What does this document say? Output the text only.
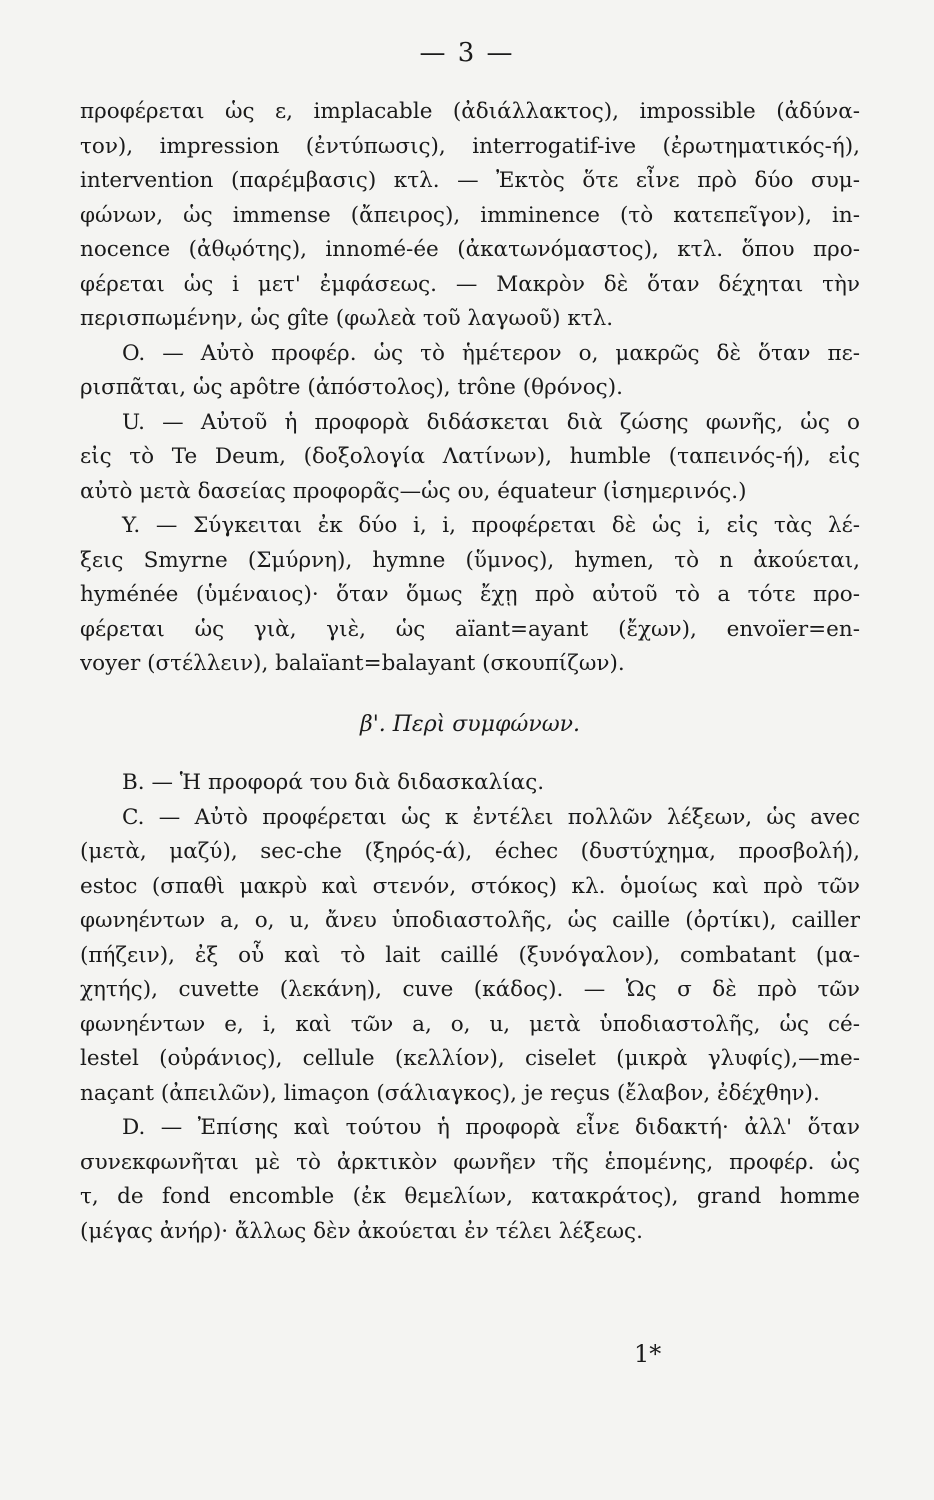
— 3 —
προφέρεται ὡς ε, implacable (ἀδιάλλακτος), impossible (ἀδύνα-
τον), impression (ἐντύπωσις), interrogatif-ive (ἐρωτηματικός-ή),
intervention (παρέμβασις) κτλ. — Ἐκτὸς ὅτε εἶνε πρὸ δύο συμ-
φώνων, ὡς immense (ἄπειρος), imminence (τὸ κατεπεῖγον), in-
nocence (ἀθῳότης), innomé-ée (ἀκατωνόμαστος), κτλ. ὅπου προ-
φέρεται ὡς i μετ' ἐμφάσεως. — Μακρὸν δὲ ὅταν δέχηται τὴν
περισπωμένην, ὡς gîte (φωλεὰ τοῦ λαγωοῦ) κτλ.
O. — Αὐτὸ προφέρ. ὡς τὸ ἡμέτερον ο, μακρῶς δὲ ὅταν πε-
ρισπᾶται, ὡς apôtre (ἀπόστολος), trône (θρόνος).
U. — Αὐτοῦ ἡ προφορὰ διδάσκεται διὰ ζώσης φωνῆς, ὡς ο
εἰς τὸ Te Deum, (δοξολογία Λατίνων), humble (ταπεινός-ή), εἰς
αὐτὸ μετὰ δασείας προφορᾶς—ὡς ου, équateur (ἰσημερινός.)
Y. — Σύγκειται ἐκ δύο i, i, προφέρεται δὲ ὡς i, εἰς τὰς λέ-
ξεις Smyrne (Σμύρνη), hymne (ὕμνος), hymen, τὸ n ἀκούεται,
hyménée (ὑμέναιος)· ὅταν ὅμως ἔχῃ πρὸ αὐτοῦ τὸ a τότε προ-
φέρεται ὡς γιὰ, γιὲ, ὡς aïant=ayant (ἔχων), envoïer=en-
voyer (στέλλειν), balaïant=balayant (σκουπίζων).
β'. Περὶ συμφώνων.
B. — Ἡ προφορά του διὰ διδασκαλίας.
C. — Αὐτὸ προφέρεται ὡς κ ἐντέλει πολλῶν λέξεων, ὡς avec
(μετὰ, μαζύ), sec-che (ξηρός-ά), échec (δυστύχημα, προσβολή),
estoc (σπαθὶ μακρὺ καὶ στενόν, στόκος) κλ. ὁμοίως καὶ πρὸ τῶν
φωνηέντων a, o, u, ἄνευ ὑποδιαστολῆς, ὡς caille (ὀρτίκι), cailler
(πήζειν), ἐξ οὗ καὶ τὸ lait caillé (ξυνόγαλον), combatant (μα-
χητής), cuvette (λεκάνη), cuve (κάδος). — Ὡς σ δὲ πρὸ τῶν
φωνηέντων e, i, καὶ τῶν a, o, u, μετὰ ὑποδιαστολῆς, ὡς cé-
lestel (οὐράνιος), cellule (κελλίον), ciselet (μικρὰ γλυφίς),—me-
naçant (ἀπειλῶν), limaçon (σάλιαγκος), je reçus (ἔλαβον, ἐδέχθην).
D. — Ἐπίσης καὶ τούτου ἡ προφορὰ εἶνε διδακτή· ἀλλ' ὅταν
συνεκφωνῆται μὲ τὸ ἀρκτικὸν φωνῆεν τῆς ἑπομένης, προφέρ. ὡς
τ, de fond encomble (ἐκ θεμελίων, κατακράτος), grand homme
(μέγας ἀνήρ)· ἄλλως δὲν ἀκούεται ἐν τέλει λέξεως.
1*
